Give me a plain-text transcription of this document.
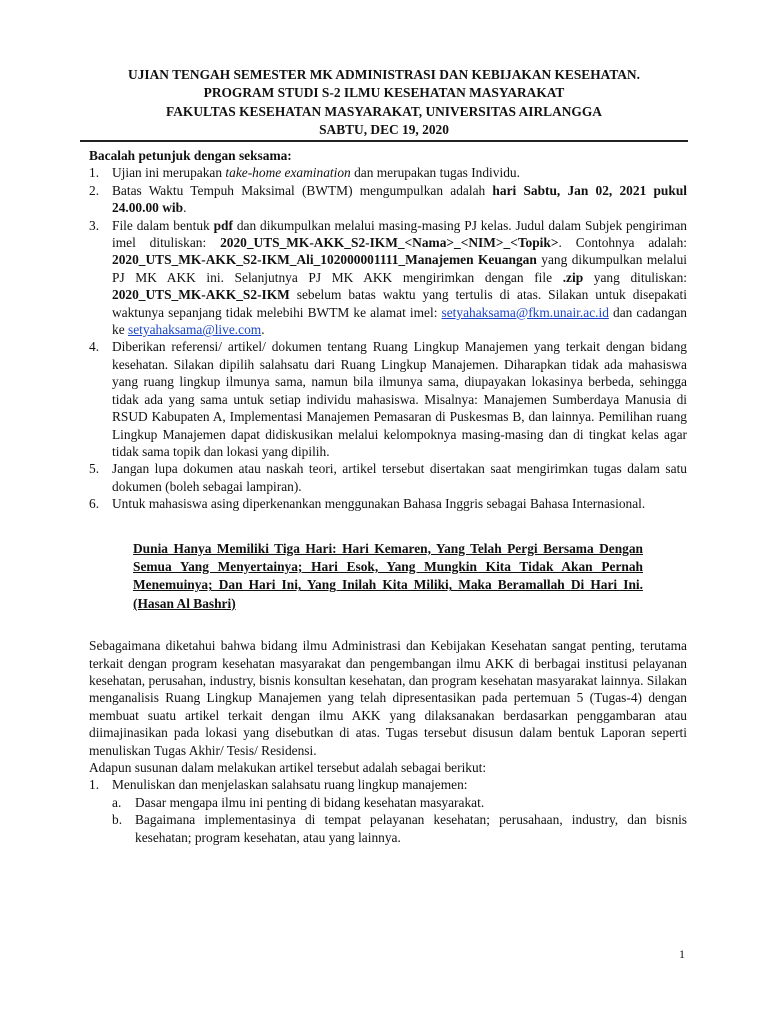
UJIAN TENGAH SEMESTER MK ADMINISTRASI DAN KEBIJAKAN KESEHATAN.
PROGRAM STUDI S-2 ILMU KESEHATAN MASYARAKAT
FAKULTAS KESEHATAN MASYARAKAT, UNIVERSITAS AIRLANGGA
SABTU, DEC 19, 2020
Bacalah petunjuk dengan seksama:
1. Ujian ini merupakan take-home examination dan merupakan tugas Individu.
2. Batas Waktu Tempuh Maksimal (BWTM) mengumpulkan adalah hari Sabtu, Jan 02, 2021 pukul 24.00.00 wib.
3. File dalam bentuk pdf dan dikumpulkan melalui masing-masing PJ kelas. Judul dalam Subjek pengiriman imel dituliskan: 2020_UTS_MK-AKK_S2-IKM_<Nama>_<NIM>_<Topik>. Contohnya adalah: 2020_UTS_MK-AKK_S2-IKM_Ali_102000001111_Manajemen Keuangan yang dikumpulkan melalui PJ MK AKK ini. Selanjutnya PJ MK AKK mengirimkan dengan file .zip yang dituliskan: 2020_UTS_MK-AKK_S2-IKM sebelum batas waktu yang tertulis di atas. Silakan untuk disepakati waktunya sepanjang tidak melebihi BWTM ke alamat imel: setyahaksama@fkm.unair.ac.id dan cadangan ke setyahaksama@live.com.
4. Diberikan referensi/ artikel/ dokumen tentang Ruang Lingkup Manajemen yang terkait dengan bidang kesehatan. Silakan dipilih salahsatu dari Ruang Lingkup Manajemen. Diharapkan tidak ada mahasiswa yang ruang lingkup ilmunya sama, namun bila ilmunya sama, diupayakan lokasinya berbeda, sehingga tidak ada yang sama untuk setiap individu mahasiswa. Misalnya: Manajemen Sumberdaya Manusia di RSUD Kabupaten A, Implementasi Manajemen Pemasaran di Puskesmas B, dan lainnya. Pemilihan ruang Lingkup Manajemen dapat didiskusikan melalui kelompoknya masing-masing dan di tingkat kelas agar tidak sama topik dan lokasi yang dipilih.
5. Jangan lupa dokumen atau naskah teori, artikel tersebut disertakan saat mengirimkan tugas dalam satu dokumen (boleh sebagai lampiran).
6. Untuk mahasiswa asing diperkenankan menggunakan Bahasa Inggris sebagai Bahasa Internasional.
Dunia Hanya Memiliki Tiga Hari: Hari Kemaren, Yang Telah Pergi Bersama Dengan Semua Yang Menyertainya; Hari Esok, Yang Mungkin Kita Tidak Akan Pernah Menemuinya; Dan Hari Ini, Yang Inilah Kita Miliki, Maka Beramallah Di Hari Ini. (Hasan Al Bashri)
Sebagaimana diketahui bahwa bidang ilmu Administrasi dan Kebijakan Kesehatan sangat penting, terutama terkait dengan program kesehatan masyarakat dan pengembangan ilmu AKK di berbagai institusi pelayanan kesehatan, perusahan, industry, bisnis konsultan kesehatan, dan program kesehatan masyarakat lainnya. Silakan menganalisis Ruang Lingkup Manajemen yang telah dipresentasikan pada pertemuan 5 (Tugas-4) dengan membuat suatu artikel terkait dengan ilmu AKK yang dilaksanakan berdasarkan penggambaran atau diimajinasikan pada lokasi yang disebutkan di atas. Tugas tersebut disusun dalam bentuk Laporan seperti menuliskan Tugas Akhir/ Tesis/ Residensi.
Adapun susunan dalam melakukan artikel tersebut adalah sebagai berikut:
1. Menuliskan dan menjelaskan salahsatu ruang lingkup manajemen:
a. Dasar mengapa ilmu ini penting di bidang kesehatan masyarakat.
b. Bagaimana implementasinya di tempat pelayanan kesehatan; perusahaan, industry, dan bisnis kesehatan; program kesehatan, atau yang lainnya.
1
